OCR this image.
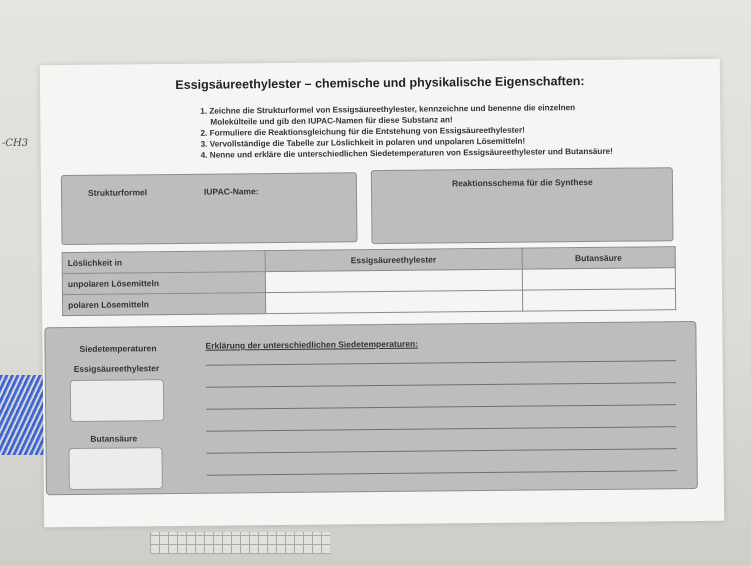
-CH3
Essigsäureethylester – chemische und physikalische Eigenschaften:

1. Zeichne die Strukturformel von Essigsäureethylester, kennzeichne und benenne die einzelnen

Molekülteile und gib den IUPAC-Namen für diese Substanz an!

2. Formuliere die Reaktionsgleichung für die Entstehung von Essigsäureethylester!

3. Vervollständige die Tabelle zur Löslichkeit in polaren und unpolaren Lösemitteln!

4. Nenne und erkläre die unterschiedlichen Siedetemperaturen von Essigsäureethylester und Butansäure!

Strukturformel	IUPAC-Name:
Reaktionsschema für die Synthese
Löslichkeit in	Essigsäureethylester	Butansäure
unpolaren Lösemitteln		
polaren Lösemitteln		
Siedetemperaturen	Erklärung der unterschiedlichen Siedetemperaturen:
Essigsäureethylester
Butansäure
